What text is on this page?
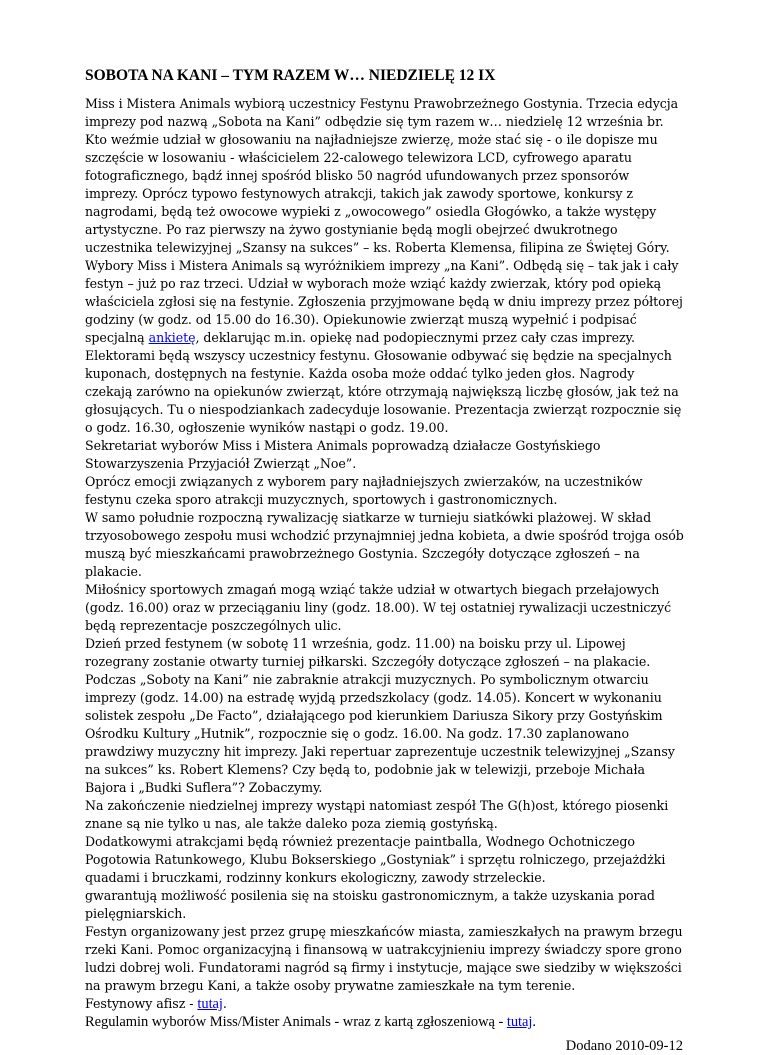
SOBOTA NA KANI – TYM RAZEM W… NIEDZIELĘ 12 IX

Miss i Mistera Animals wybiorą uczestnicy Festynu Prawobrzeżnego Gostynia. Trzecia edycja imprezy pod nazwą „Sobota na Kani” odbędzie się tym razem w… niedzielę 12 września br. Kto weźmie udział w głosowaniu na najładniejsze zwierzę, może stać się - o ile dopisze mu szczęście w losowaniu - właścicielem 22-calowego telewizora LCD, cyfrowego aparatu fotograficznego, bądź innej spośród blisko 50 nagród ufundowanych przez sponsorów imprezy. Oprócz typowo festynowych atrakcji, takich jak zawody sportowe, konkursy z nagrodami, będą też owocowe wypieki z „owocowego” osiedla Głogówko, a także występy artystyczne. Po raz pierwszy na żywo gostynianie będą mogli obejrzeć dwukrotnego uczestnika telewizyjnej „Szansy na sukces” – ks. Roberta Klemensa, filipina ze Świętej Góry.

Wybory Miss i Mistera Animals są wyróżnikiem imprezy „na Kani”. Odbędą się – tak jak i cały festyn – już po raz trzeci. Udział w wyborach może wziąć każdy zwierzak, który pod opieką właściciela zgłosi się na festynie. Zgłoszenia przyjmowane będą w dniu imprezy przez półtorej godziny (w godz. od 15.00 do 16.30). Opiekunowie zwierząt muszą wypełnić i podpisać specjalną ankietę, deklarując m.in. opiekę nad podopiecznymi przez cały czas imprezy. Elektorami będą wszyscy uczestnicy festynu. Głosowanie odbywać się będzie na specjalnych kuponach, dostępnych na festynie. Każda osoba może oddać tylko jeden głos. Nagrody czekają zarówno na opiekunów zwierząt, które otrzymają największą liczbę głosów, jak też na głosujących. Tu o niespodziankach zadecyduje losowanie. Prezentacja zwierząt rozpocznie się o godz. 16.30, ogłoszenie wyników nastąpi o godz. 19.00.

Sekretariat wyborów Miss i Mistera Animals poprowadzą działacze Gostyńskiego Stowarzyszenia Przyjaciół Zwierząt „Noe”.

Oprócz emocji związanych z wyborem pary najładniejszych zwierzaków, na uczestników festynu czeka sporo atrakcji muzycznych, sportowych i gastronomicznych.

W samo południe rozpoczną rywalizację siatkarze w turnieju siatkówki plażowej. W skład trzyosobowego zespołu musi wchodzić przynajmniej jedna kobieta, a dwie spośród trojga osób muszą być mieszkańcami prawobrzeżnego Gostynia. Szczegóły dotyczące zgłoszeń – na plakacie.

Miłośnicy sportowych zmagań mogą wziąć także udział w otwartych biegach przełajowych (godz. 16.00) oraz w przeciąganiu liny (godz. 18.00). W tej ostatniej rywalizacji uczestniczyć będą reprezentacje poszczególnych ulic.

Dzień przed festynem (w sobotę 11 września, godz. 11.00) na boisku przy ul. Lipowej rozegrany zostanie otwarty turniej piłkarski. Szczegóły dotyczące zgłoszeń – na plakacie.

Podczas „Soboty na Kani” nie zabraknie atrakcji muzycznych. Po symbolicznym otwarciu imprezy (godz. 14.00) na estradę wyjdą przedszkolacy (godz. 14.05). Koncert w wykonaniu solistek zespołu „De Facto”, działającego pod kierunkiem Dariusza Sikory przy Gostyńskim Ośrodku Kultury „Hutnik”, rozpocznie się o godz. 16.00. Na godz. 17.30 zaplanowano prawdziwy muzyczny hit imprezy. Jaki repertuar zaprezentuje uczestnik telewizyjnej „Szansy na sukces” ks. Robert Klemens? Czy będą to, podobnie jak w telewizji, przeboje Michała Bajora i „Budki Suflera”? Zobaczymy.

Na zakończenie niedzielnej imprezy wystąpi natomiast zespół The G(h)ost, którego piosenki znane są nie tylko u nas, ale także daleko poza ziemią gostyńską.

Dodatkowymi atrakcjami będą również prezentacje paintballa, Wodnego Ochotniczego Pogotowia Ratunkowego, Klubu Bokserskiego „Gostyniak” i sprzętu rolniczego, przejażdżki quadami i bruczkami, rodzinny konkurs ekologiczny, zawody strzeleckie.

gwarantują możliwość posilenia się na stoisku gastronomicznym, a także uzyskania porad pielęgniarskich.

Festyn organizowany jest przez grupę mieszkańców miasta, zamieszkałych na prawym brzegu rzeki Kani. Pomoc organizacyjną i finansową w uatrakcyjnieniu imprezy świadczy spore grono ludzi dobrej woli. Fundatorami nagród są firmy i instytucje, mające swe siedziby w większości na prawym brzegu Kani, a także osoby prywatne zamieszkałe na tym terenie.

Festynowy afisz - tutaj.

Regulamin wyborów Miss/Mister Animals - wraz z kartą zgłoszeniową - tutaj.

Dodano 2010-09-12
